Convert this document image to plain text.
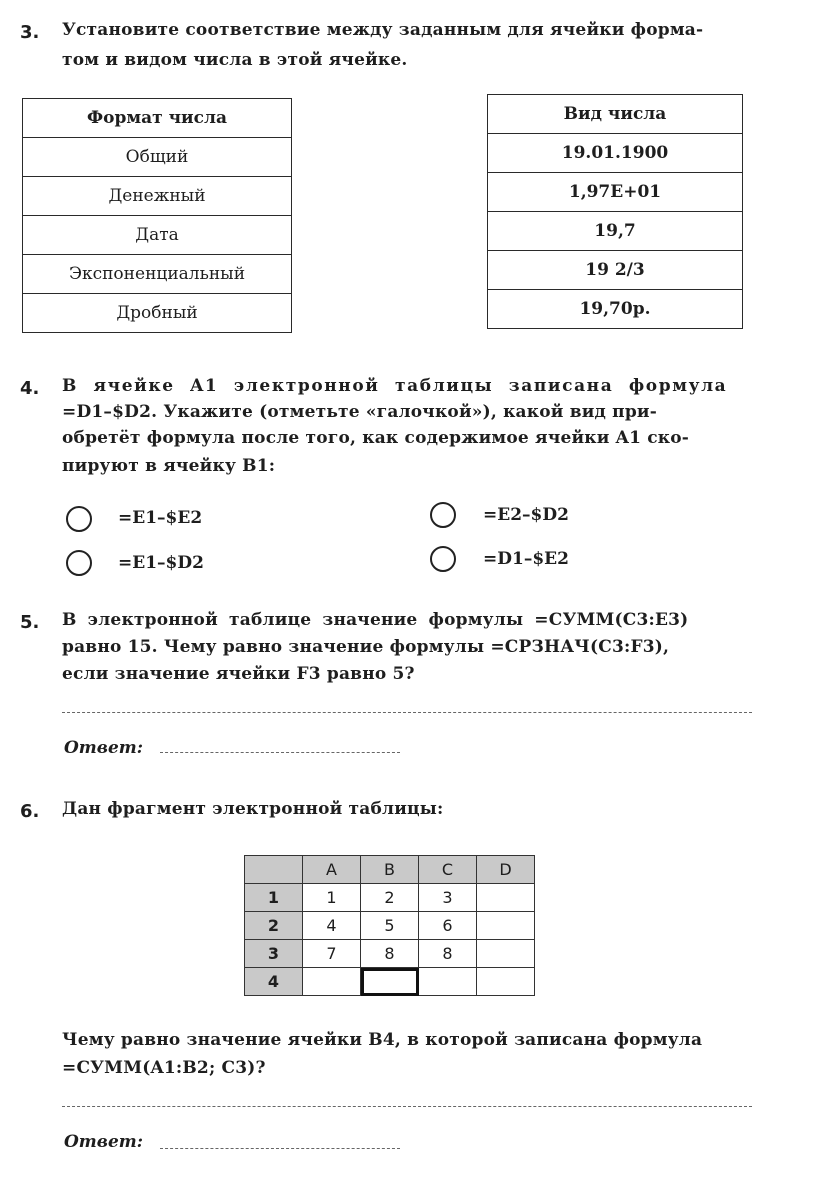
3. Установите соответствие между заданным для ячейки форма-
том и видом числа в этой ячейке.
Формат числа
Общий
Денежный
Дата
Экспоненциальный
Дробный
Вид числа
19.01.1900
1,97E+01
19,7
19 2/3
19,70р.
4. В ячейке A1 электронной таблицы записана формула
=D1–$D2. Укажите (отметьте «галочкой»), какой вид при-
обретёт формула после того, как содержимое ячейки A1 ско-
пируют в ячейку B1:
=E1–$E2
=E1–$D2
=E2–$D2
=D1–$E2
5. В электронной таблице значение формулы =СУММ(C3:E3)
равно 15. Чему равно значение формулы =СРЗНАЧ(C3:F3),
если значение ячейки F3 равно 5?
Ответ:
6. Дан фрагмент электронной таблицы:
	A	B	C	D
1	1	2	3	
2	4	5	6	
3	7	8	8	
4				
Чему равно значение ячейки B4, в которой записана формула
=СУММ(A1:B2; C3)?
Ответ:
